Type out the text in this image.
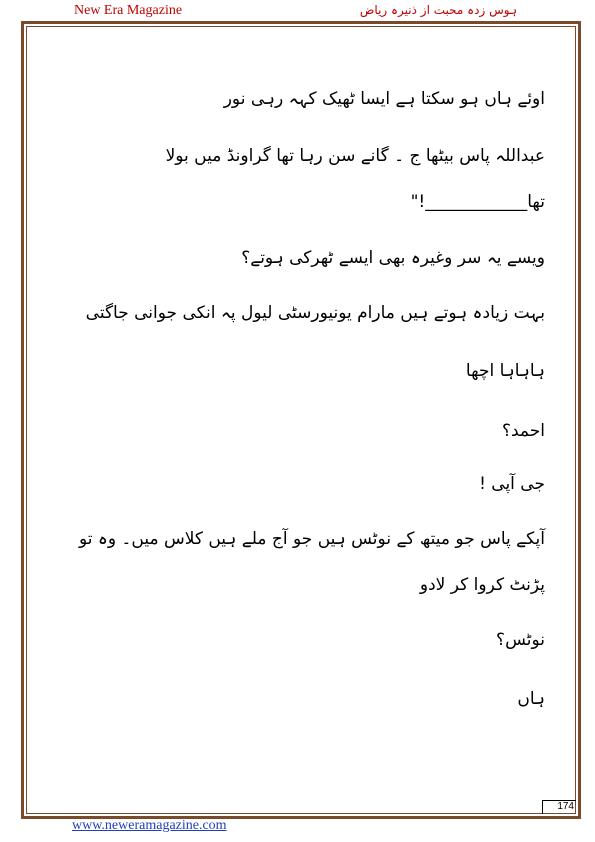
New Era Magazine	ہوس زدہ محبت از ذنیرہ ریاض
اوئے ہاں ہو سکتا ہے ایسا ٹھیک کہہ رہی نور
عبداللہ پاس بیٹھا ج ۔ گانے سن رہا تھا گراونڈ میں بولا
تھا____________!"
ویسے یہ سر وغیرہ بھی ایسے ٹھرکی ہوتے؟
بہت زیادہ ہوتے ہیں مارام یونیورسٹی لیول پہ انکی جوانی جاگتی
ہاہاہا اچھا
احمد؟
جی آپی !
آپکے پاس جو میتھ کے نوٹس ہیں جو آج ملے ہیں کلاس میں۔ وہ تو
پڑنٹ کروا کر لادو
نوٹس؟
ہاں
174
www.neweramagazine.com
